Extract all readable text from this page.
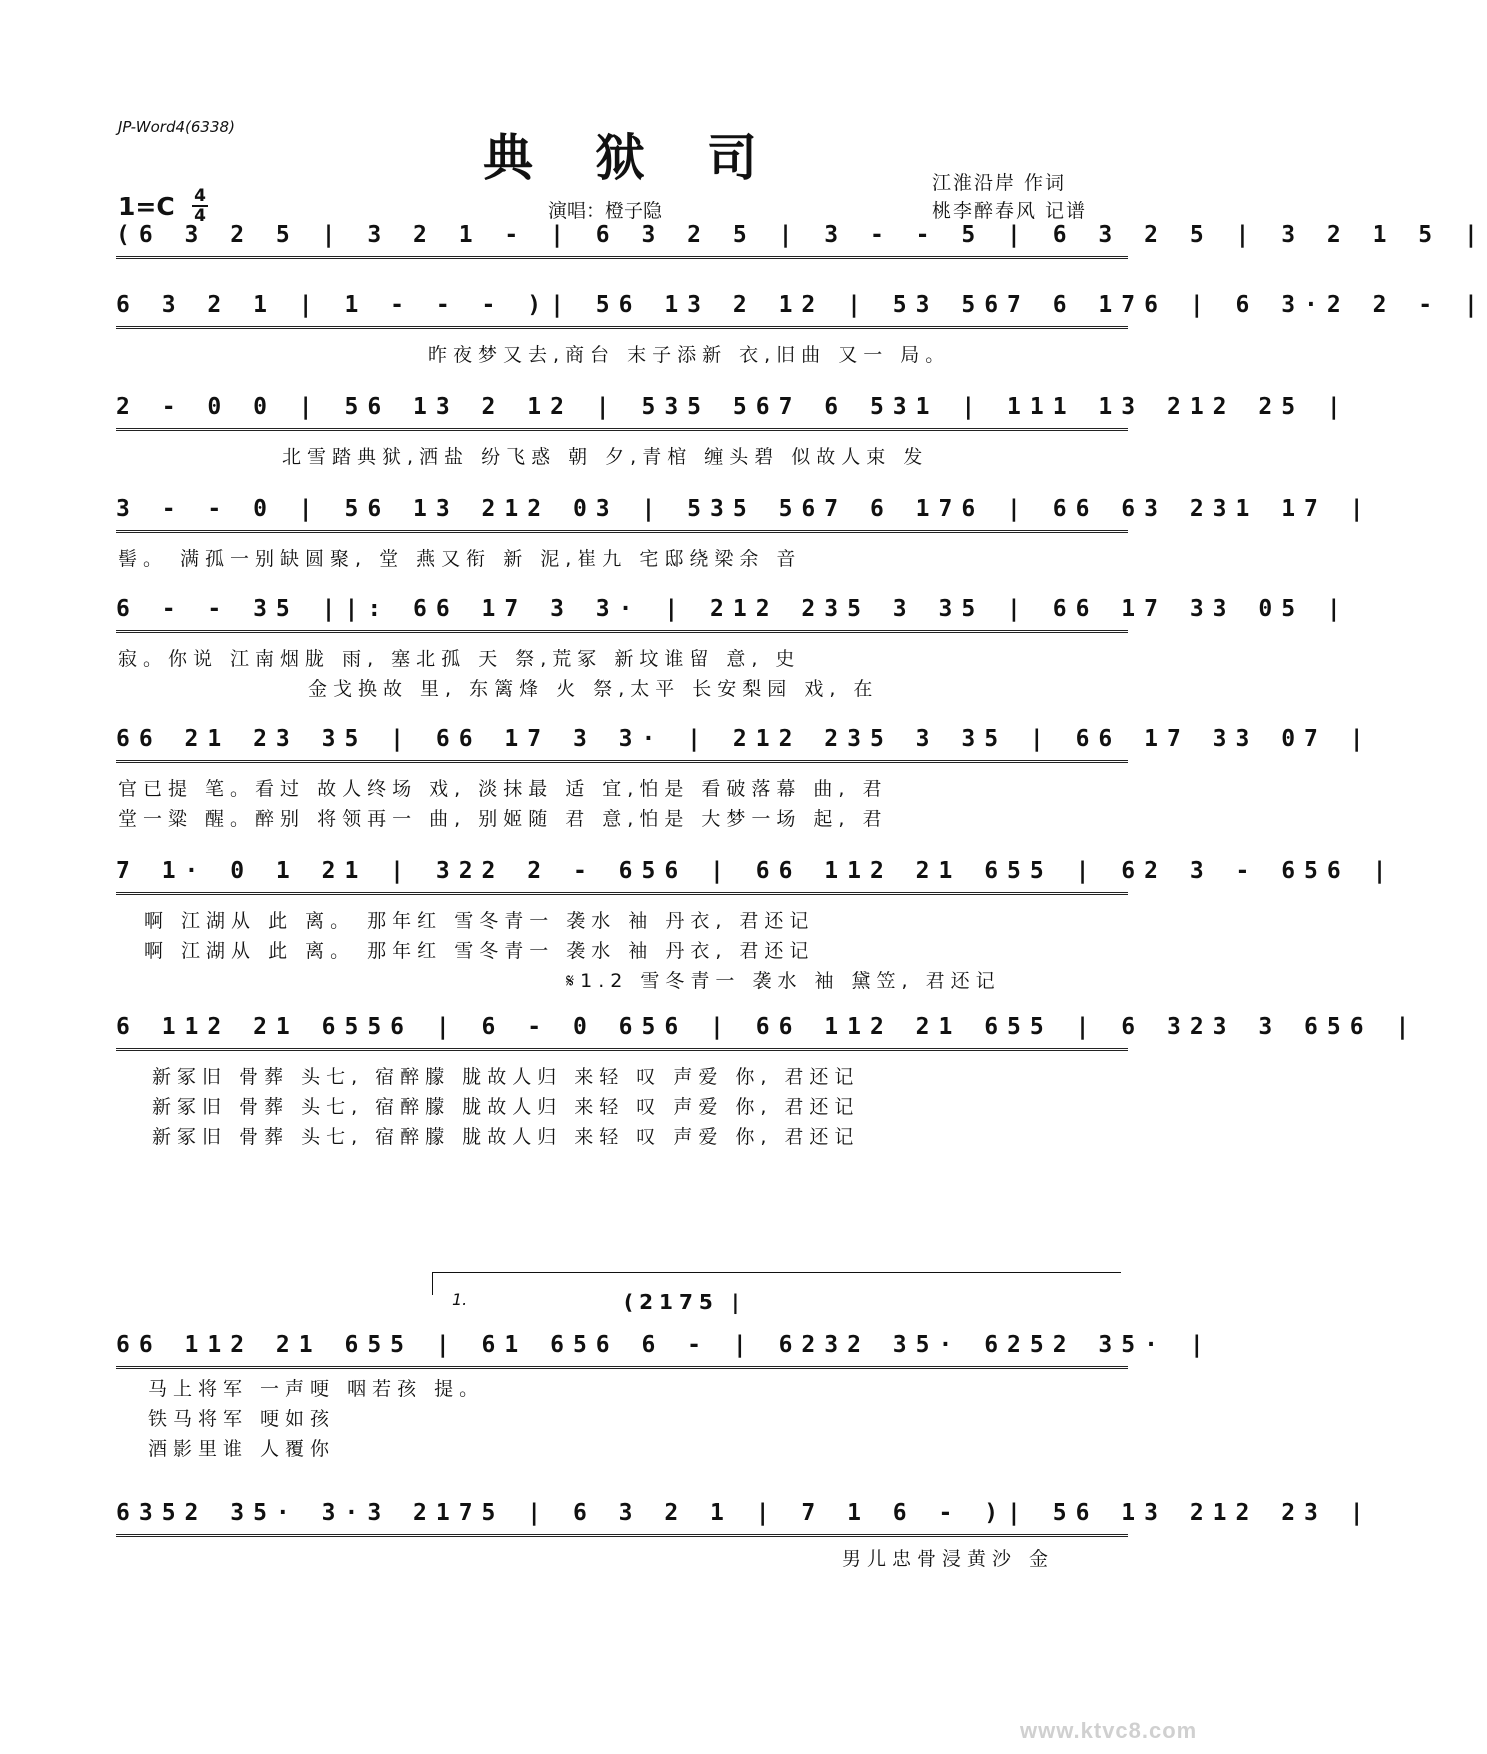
JP-Word4(6338)
典狱司
1=C 4
4	演唱：橙子隐
江淮沿岸 作词
桃李醉春风 记谱
(6 3 2 5 | 3 2 1 - | 6 3 2 5 | 3 - - 5 | 6 3 2 5 | 3 2 1 5 |
6 3 2 1 | 1 - - - )| 56 13 2 12 | 53 567 6 176 | 6 3·2 2 - |
昨夜梦又去,商台 末子添新 衣,旧曲 又一 局。
2 - 0 0 | 56 13 2 12 | 535 567 6 531 | 111 13 212 25 |
北雪踏典狱,洒盐 纷飞惑 朝 夕,青棺 缠头碧 似故人束 发
3 - - 0 | 56 13 212 03 | 535 567 6 176 | 66 63 231 17 |
髻。 满孤一别缺圆聚, 堂 燕又衔 新 泥,崔九 宅邸绕梁余 音
6 - - 35 ||: 66 17 3 3· | 212 235 3 35 | 66 17 33 05 |
寂。你说 江南烟胧 雨, 塞北孤 天 祭,荒冢 新坟谁留 意, 史
金戈换故 里, 东篱烽 火 祭,太平 长安梨园 戏, 在
66 21 23 35 | 66 17 3 3· | 212 235 3 35 | 66 17 33 07 |
官已提 笔。看过 故人终场 戏, 淡抹最 适 宜,怕是 看破落幕 曲, 君
堂一粱 醒。醉别 将领再一 曲, 别姬随 君 意,怕是 大梦一场 起, 君
7 1· 0 1 21 | 322 2 - 656 | 66 112 21 655 | 62 3 - 656 |
啊 江湖从 此 离。 那年红 雪冬青一 袭水 袖 丹衣, 君还记
啊 江湖从 此 离。 那年红 雪冬青一 袭水 袖 丹衣, 君还记
𝄋1.2 雪冬青一 袭水 袖 黛笠, 君还记
6 112 21 6556 | 6 - 0 656 | 66 112 21 655 | 6 323 3 656 |
新冢旧 骨葬 头七, 宿醉朦 胧故人归 来轻 叹 声爱 你, 君还记
新冢旧 骨葬 头七, 宿醉朦 胧故人归 来轻 叹 声爱 你, 君还记
新冢旧 骨葬 头七, 宿醉朦 胧故人归 来轻 叹 声爱 你, 君还记
1.	(2175 |
66 112 21 655 | 61 656 6 - | 6232 35· 6252 35· |
马上将军 一声哽 咽若孩 提。
铁马将军 哽如孩
酒影里谁 人覆你
6352 35· 3·3 2175 | 6 3 2 1 | 7 1 6 - )| 56 13 212 23 |
男儿忠骨浸黄沙 金
www.ktvc8.com
